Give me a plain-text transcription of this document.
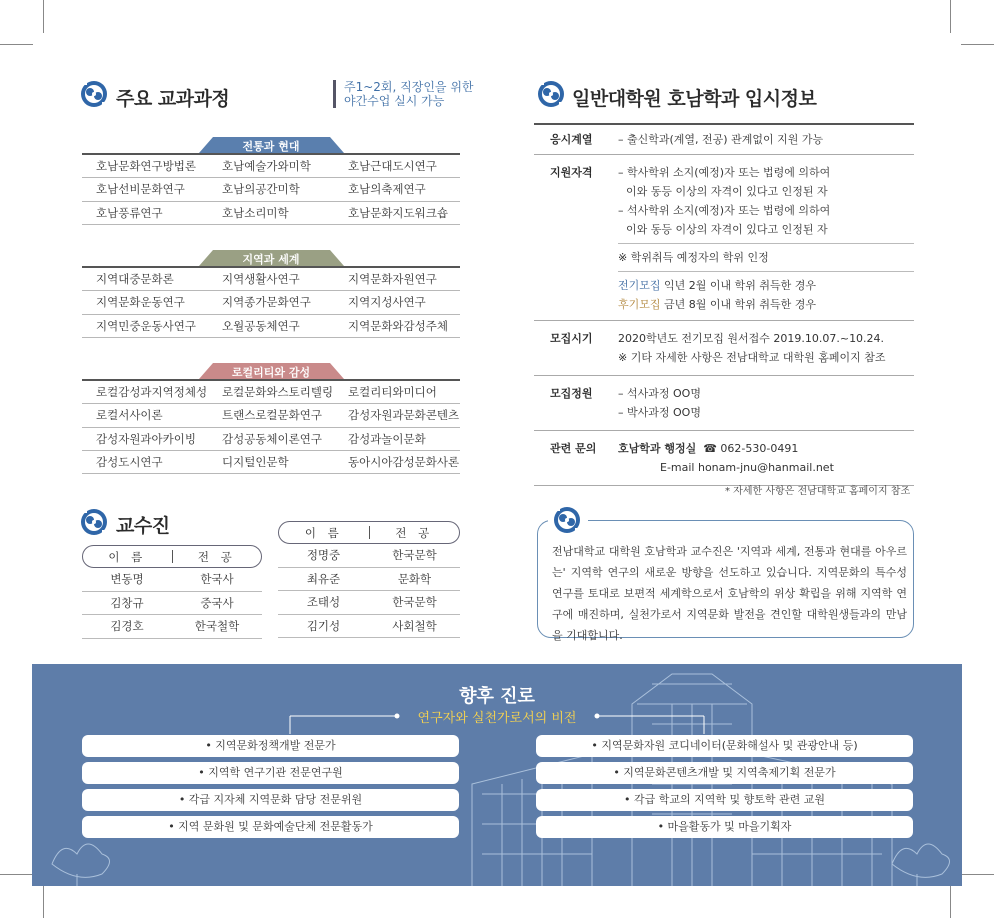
주요 교과과정
주1~2회, 직장인을 위한
야간수업 실시 가능
전통과 현대
호남문화연구방법론	호남예술가와미학	호남근대도시연구
호남선비문화연구	호남의공간미학	호남의축제연구
호남풍류연구	호남소리미학	호남문화지도워크숍
지역과 세계
지역대중문화론	지역생활사연구	지역문화자원연구
지역문화운동연구	지역종가문화연구	지역지성사연구
지역민중운동사연구	오월공동체연구	지역문화와감성주체
로컬리티와 감성
로컬감성과지역정체성	로컬문화와스토리텔링	로컬리티와미디어
로컬서사이론	트랜스로컬문화연구	감성자원과문화콘텐츠
감성자원과아카이빙	감성공동체이론연구	감성과놀이문화
감성도시연구	디지털인문학	동아시아감성문화사론
교수진
이 름	전 공
변동명	한국사
김창규	중국사
김경호	한국철학
이 름	전 공
정명중	한국문학
최유준	문화학
조태성	한국문학
김기성	사회철학
일반대학원 호남학과 입시정보
응시계열	– 출신학과(계열, 전공) 관계없이 지원 가능
지원자격	– 학사학위 소지(예정)자 또는 법령에 의하여
이와 동등 이상의 자격이 있다고 인정된 자
– 석사학위 소지(예정)자 또는 법령에 의하여
이와 동등 이상의 자격이 있다고 인정된 자
※ 학위취득 예정자의 학위 인정
전기모집 익년 2월 이내 학위 취득한 경우
후기모집 금년 8월 이내 학위 취득한 경우
모집시기	2020학년도 전기모집 원서접수 2019.10.07.~10.24.
※ 기타 자세한 사항은 전남대학교 대학원 홈페이지 참조
모집정원	– 석사과정 OO명
– 박사과정 OO명
관련 문의	호남학과 행정실 ☎ 062-530-0491
E-mail honam-jnu@hanmail.net
* 자세한 사항은 전남대학교 홈페이지 참조
전남대학교 대학원 호남학과 교수진은 '지역과 세계, 전통과 현대를 아우르는' 지역학 연구의 새로운 방향을 선도하고 있습니다. 지역문화의 특수성 연구를 토대로 보편적 세계학으로서 호남학의 위상 확립을 위해 지역학 연구에 매진하며, 실천가로서 지역문화 발전을 견인할 대학원생들과의 만남을 기대합니다.
향후 진로
연구자와 실천가로서의 비전
• 지역문화정책개발 전문가
• 지역학 연구기관 전문연구원
• 각급 지자체 지역문화 담당 전문위원
• 지역 문화원 및 문화예술단체 전문활동가
• 지역문화자원 코디네이터(문화해설사 및 관광안내 등)
• 지역문화콘텐츠개발 및 지역축제기획 전문가
• 각급 학교의 지역학 및 향토학 관련 교원
• 마을활동가 및 마을기획자
